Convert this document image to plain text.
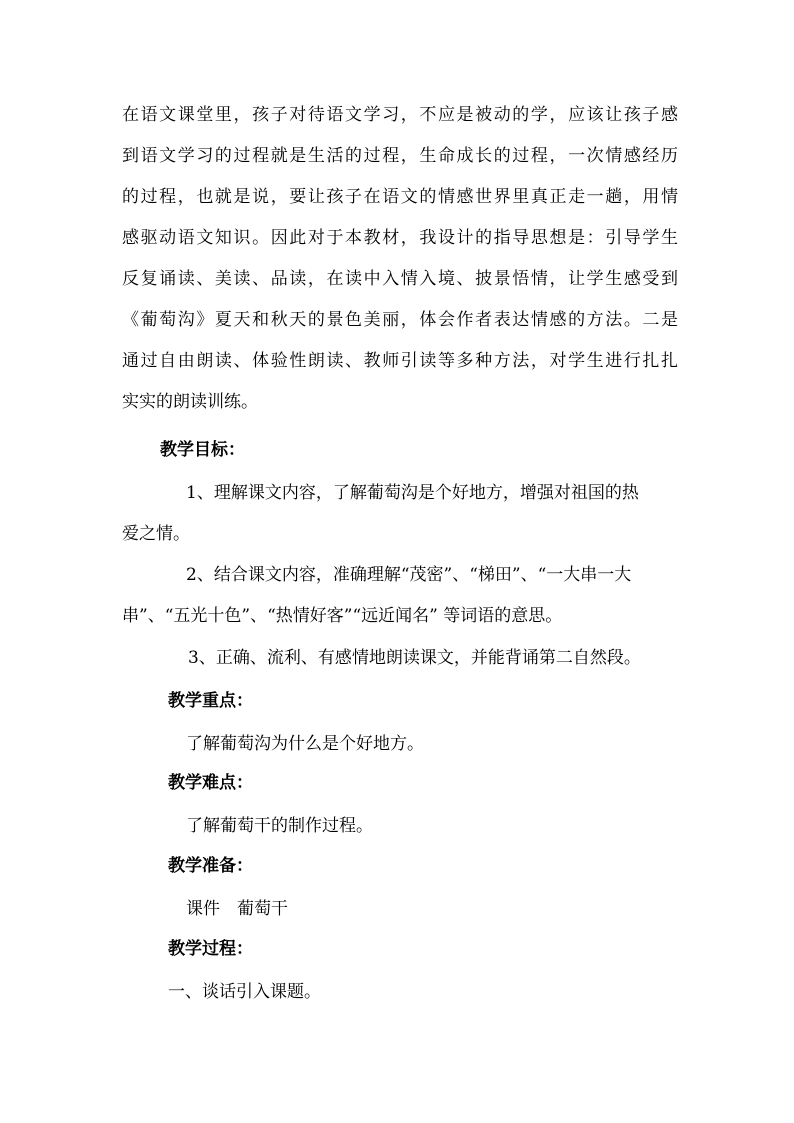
在语文课堂里，孩子对待语文学习，不应是被动的学，应该让孩子感
到语文学习的过程就是生活的过程，生命成长的过程，一次情感经历
的过程，也就是说，要让孩子在语文的情感世界里真正走一趟，用情
感驱动语文知识。因此对于本教材，我设计的指导思想是：引导学生
反复诵读、美读、品读，在读中入情入境、披景悟情，让学生感受到
《葡萄沟》夏天和秋天的景色美丽，体会作者表达情感的方法。二是
通过自由朗读、体验性朗读、教师引读等多种方法，对学生进行扎扎
实实的朗读训练。
教学目标：
1、理解课文内容，了解葡萄沟是个好地方，增强对祖国的热
爱之情。
2、结合课文内容，准确理解“茂密”、“梯田”、“一大串一大
串”、“五光十色”、“热情好客”“远近闻名” 等词语的意思。
3、正确、流利、有感情地朗读课文，并能背诵第二自然段。
教学重点：
了解葡萄沟为什么是个好地方。
教学难点：
了解葡萄干的制作过程。
教学准备：
课件　葡萄干
教学过程：
一、谈话引入课题。
